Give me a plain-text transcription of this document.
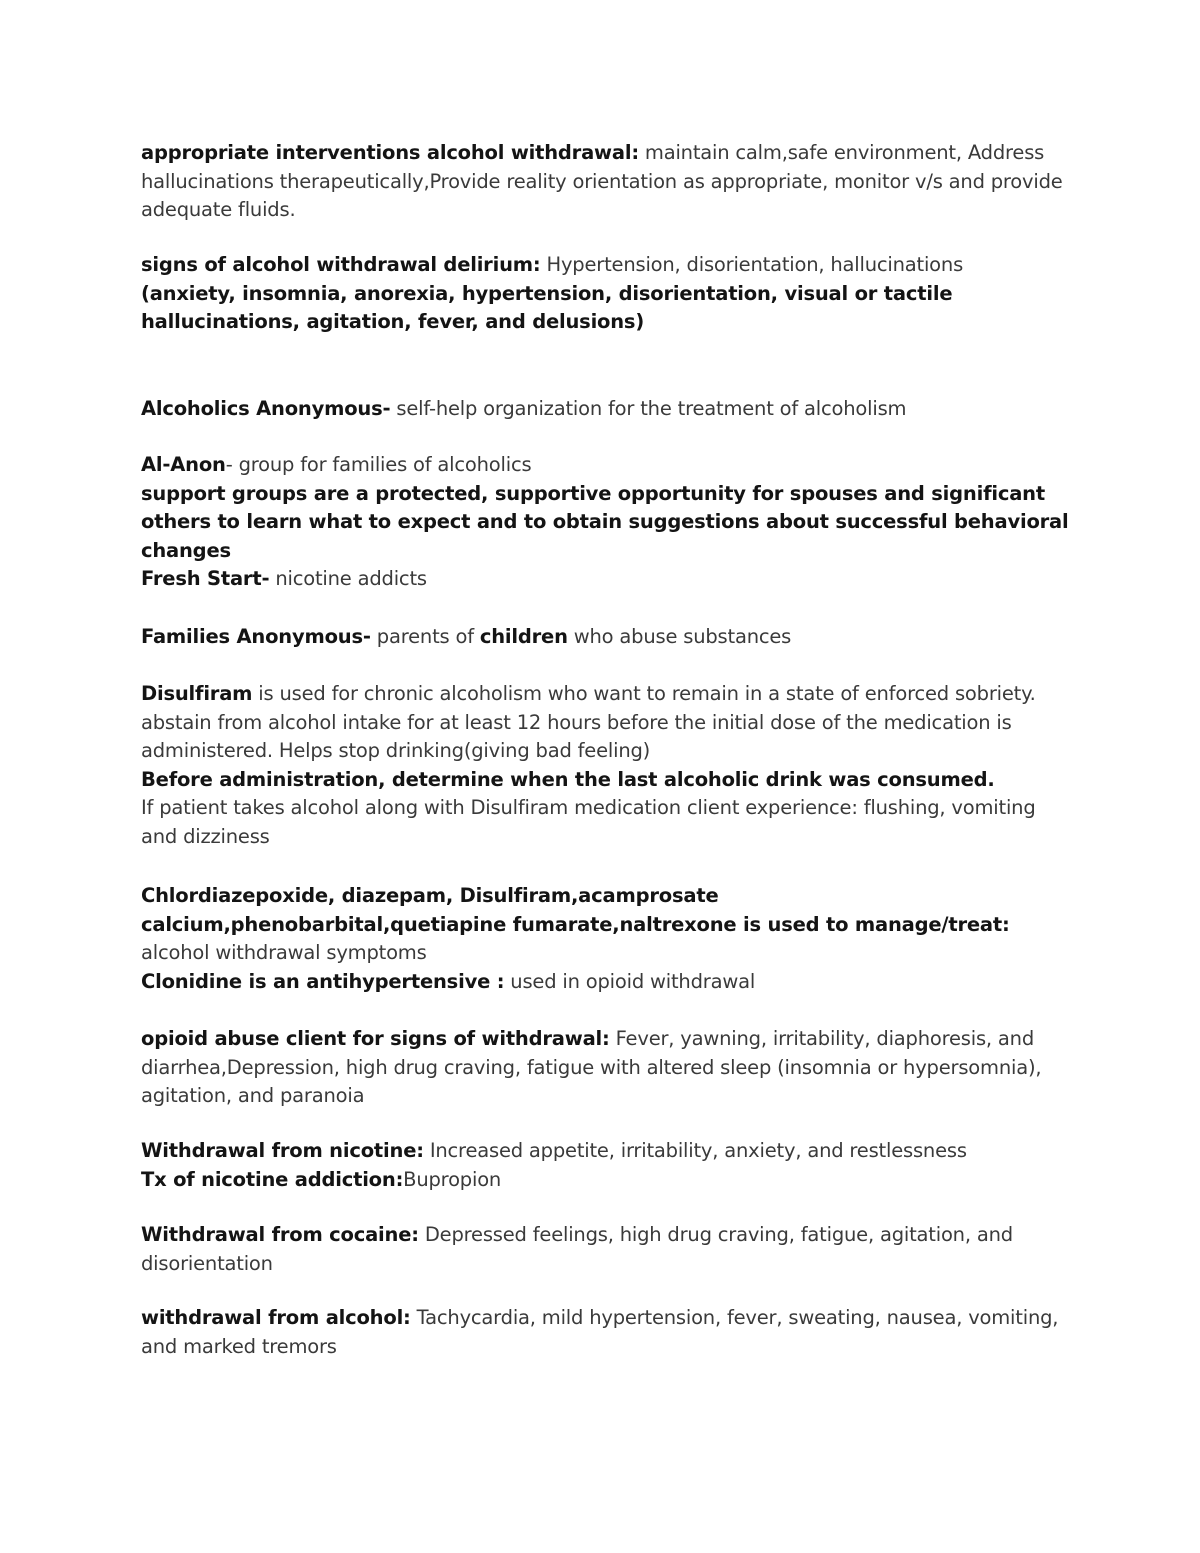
appropriate interventions alcohol withdrawal: maintain calm,safe environment, Address hallucinations therapeutically,Provide reality orientation as appropriate, monitor v/s and provide adequate fluids.

signs of alcohol withdrawal delirium: Hypertension, disorientation, hallucinations
(anxiety, insomnia, anorexia, hypertension, disorientation, visual or tactile hallucinations, agitation, fever, and delusions)

Alcoholics Anonymous- self-help organization for the treatment of alcoholism

Al-Anon- group for families of alcoholics
support groups are a protected, supportive opportunity for spouses and significant others to learn what to expect and to obtain suggestions about successful behavioral changes

Fresh Start- nicotine addicts

Families Anonymous- parents of children who abuse substances

Disulfiram is used for chronic alcoholism who want to remain in a state of enforced sobriety. abstain from alcohol intake for at least 12 hours before the initial dose of the medication is administered. Helps stop drinking(giving bad feeling)
Before administration, determine when the last alcoholic drink was consumed.
If patient takes alcohol along with Disulfiram medication client experience: flushing, vomiting and dizziness

Chlordiazepoxide, diazepam, Disulfiram,acamprosate calcium,phenobarbital,quetiapine fumarate,naltrexone is used to manage/treat: alcohol withdrawal symptoms

Clonidine is an antihypertensive : used in opioid withdrawal

opioid abuse client for signs of withdrawal: Fever, yawning, irritability, diaphoresis, and diarrhea,Depression, high drug craving, fatigue with altered sleep (insomnia or hypersomnia), agitation, and paranoia

Withdrawal from nicotine: Increased appetite, irritability, anxiety, and restlessness
Tx of nicotine addiction:Bupropion

Withdrawal from cocaine: Depressed feelings, high drug craving, fatigue, agitation, and disorientation

withdrawal from alcohol: Tachycardia, mild hypertension, fever, sweating, nausea, vomiting, and marked tremors
